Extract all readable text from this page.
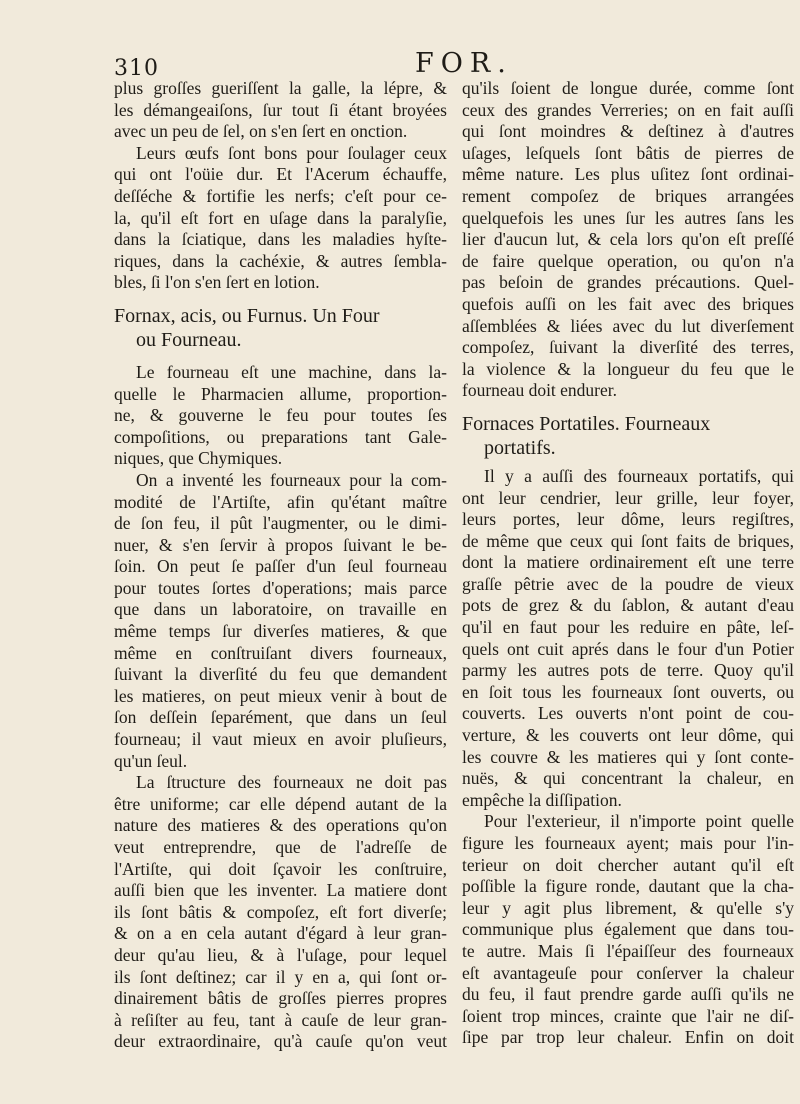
310	FOR.
plus groſſes gueriſſent la galle, la lépre, &
les démangeaiſons, ſur tout ſi étant broyées
avec un peu de ſel, on s'en ſert en onction.
Leurs œufs ſont bons pour ſoulager ceux
qui ont l'oüie dur. Et l'Acerum échauffe,
deſſéche & fortifie les nerfs; c'eſt pour ce-
la, qu'il eſt fort en uſage dans la paralyſie,
dans la ſciatique, dans les maladies hyſte-
riques, dans la cachéxie, & autres ſembla-
bles, ſi l'on s'en ſert en lotion.
Fornax, acis, ou Furnus. Un Four
ou Fourneau.
Le fourneau eſt une machine, dans la-
quelle le Pharmacien allume, proportion-
ne, & gouverne le feu pour toutes ſes
compoſitions, ou preparations tant Gale-
niques, que Chymiques.
On a inventé les fourneaux pour la com-
modité de l'Artiſte, afin qu'étant maître
de ſon feu, il pût l'augmenter, ou le dimi-
nuer, & s'en ſervir à propos ſuivant le be-
ſoin. On peut ſe paſſer d'un ſeul fourneau
pour toutes ſortes d'operations; mais parce
que dans un laboratoire, on travaille en
même temps ſur diverſes matieres, & que
même en conſtruiſant divers fourneaux,
ſuivant la diverſité du feu que demandent
les matieres, on peut mieux venir à bout de
ſon deſſein ſeparément, que dans un ſeul
fourneau; il vaut mieux en avoir pluſieurs,
qu'un ſeul.
La ſtructure des fourneaux ne doit pas
être uniforme; car elle dépend autant de la
nature des matieres & des operations qu'on
veut entreprendre, que de l'adreſſe de
l'Artiſte, qui doit ſçavoir les conſtruire,
auſſi bien que les inventer. La matiere dont
ils ſont bâtis & compoſez, eſt fort diverſe;
& on a en cela autant d'égard à leur gran-
deur qu'au lieu, & à l'uſage, pour lequel
ils ſont deſtinez; car il y en a, qui ſont or-
dinairement bâtis de groſſes pierres propres
à reſiſter au feu, tant à cauſe de leur gran-
deur extraordinaire, qu'à cauſe qu'on veut
qu'ils ſoient de longue durée, comme ſont
ceux des grandes Verreries; on en fait auſſi
qui ſont moindres & deſtinez à d'autres
uſages, leſquels ſont bâtis de pierres de
même nature. Les plus uſitez ſont ordinai-
rement compoſez de briques arrangées
quelquefois les unes ſur les autres ſans les
lier d'aucun lut, & cela lors qu'on eſt preſſé
de faire quelque operation, ou qu'on n'a
pas beſoin de grandes précautions. Quel-
quefois auſſi on les fait avec des briques
aſſemblées & liées avec du lut diverſement
compoſez, ſuivant la diverſité des terres,
la violence & la longueur du feu que le
fourneau doit endurer.
Fornaces Portatiles. Fourneaux
portatifs.
Il y a auſſi des fourneaux portatifs, qui
ont leur cendrier, leur grille, leur foyer,
leurs portes, leur dôme, leurs regiſtres,
de même que ceux qui ſont faits de briques,
dont la matiere ordinairement eſt une terre
graſſe pêtrie avec de la poudre de vieux
pots de grez & du ſablon, & autant d'eau
qu'il en faut pour les reduire en pâte, leſ-
quels ont cuit aprés dans le four d'un Potier
parmy les autres pots de terre. Quoy qu'il
en ſoit tous les fourneaux ſont ouverts, ou
couverts. Les ouverts n'ont point de cou-
verture, & les couverts ont leur dôme, qui
les couvre & les matieres qui y ſont conte-
nuës, & qui concentrant la chaleur, en
empêche la diſſipation.
Pour l'exterieur, il n'importe point quelle
figure les fourneaux ayent; mais pour l'in-
terieur on doit chercher autant qu'il eſt
poſſible la figure ronde, dautant que la cha-
leur y agit plus librement, & qu'elle s'y
communique plus également que dans tou-
te autre. Mais ſi l'épaiſſeur des fourneaux
eſt avantageuſe pour conſerver la chaleur
du feu, il faut prendre garde auſſi qu'ils ne
ſoient trop minces, crainte que l'air ne diſ-
ſipe par trop leur chaleur. Enfin on doit
